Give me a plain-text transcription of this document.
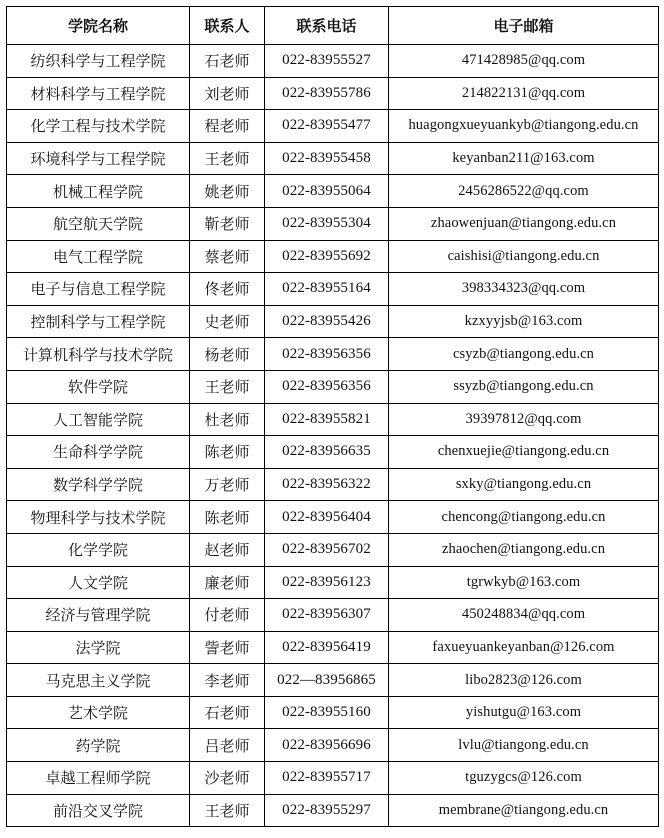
学院名称	联系人	联系电话	电子邮箱
纺织科学与工程学院	石老师	022-83955527	471428985@qq.com
材料科学与工程学院	刘老师	022-83955786	214822131@qq.com
化学工程与技术学院	程老师	022-83955477	huagongxueyuankyb@tiangong.edu.cn
环境科学与工程学院	王老师	022-83955458	keyanban211@163.com
机械工程学院	姚老师	022-83955064	2456286522@qq.com
航空航天学院	靳老师	022-83955304	zhaowenjuan@tiangong.edu.cn
电气工程学院	蔡老师	022-83955692	caishisi@tiangong.edu.cn
电子与信息工程学院	佟老师	022-83955164	398334323@qq.com
控制科学与工程学院	史老师	022-83955426	kzxyyjsb@163.com
计算机科学与技术学院	杨老师	022-83956356	csyzb@tiangong.edu.cn
软件学院	王老师	022-83956356	ssyzb@tiangong.edu.cn
人工智能学院	杜老师	022-83955821	39397812@qq.com
生命科学学院	陈老师	022-83956635	chenxuejie@tiangong.edu.cn
数学科学学院	万老师	022-83956322	sxky@tiangong.edu.cn
物理科学与技术学院	陈老师	022-83956404	chencong@tiangong.edu.cn
化学学院	赵老师	022-83956702	zhaochen@tiangong.edu.cn
人文学院	廉老师	022-83956123	tgrwkyb@163.com
经济与管理学院	付老师	022-83956307	450248834@qq.com
法学院	訾老师	022-83956419	faxueyuankeyanban@126.com
马克思主义学院	李老师	022—83956865	libo2823@126.com
艺术学院	石老师	022-83955160	yishutgu@163.com
药学院	吕老师	022-83956696	lvlu@tiangong.edu.cn
卓越工程师学院	沙老师	022-83955717	tguzygcs@126.com
前沿交叉学院	王老师	022-83955297	membrane@tiangong.edu.cn
